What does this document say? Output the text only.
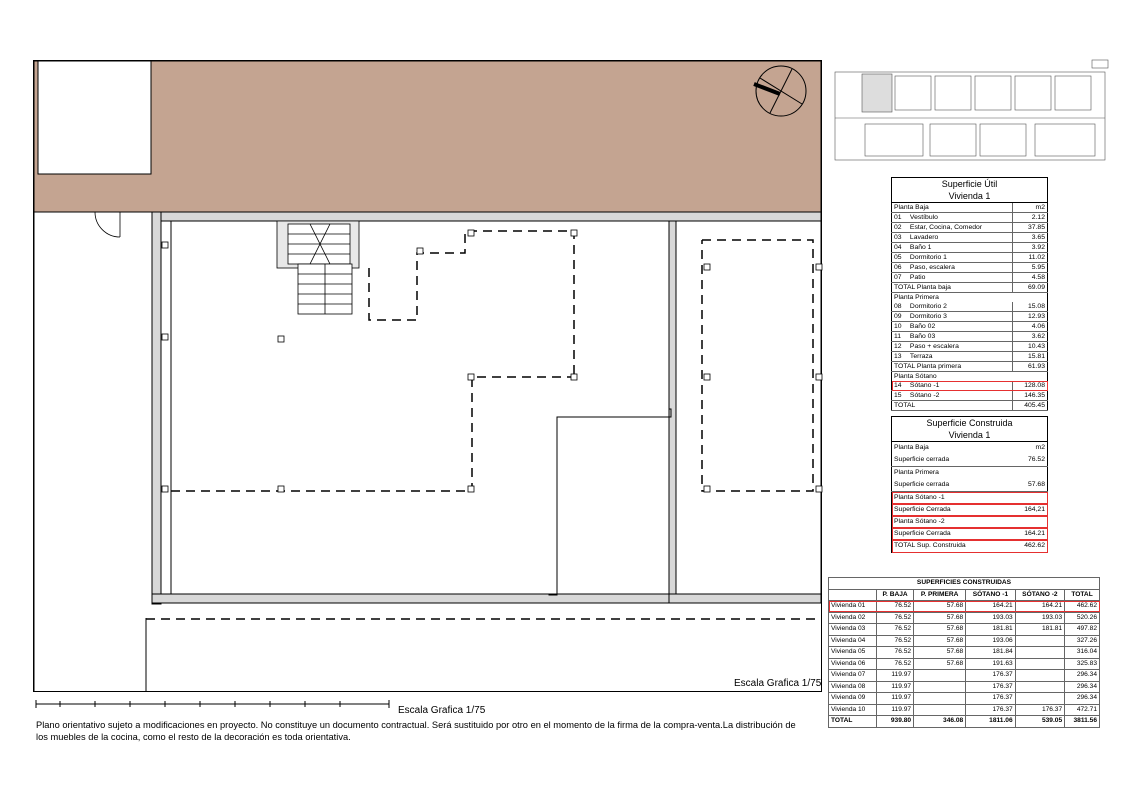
Escala Grafica 1/75
Escala Grafica 1/75
Plano orientativo sujeto a modificaciones en proyecto. No constituye un documento contractual. Será sustituido por otro en el momento de la firma de la compra-venta.La distribución de los muebles de la cocina, como el resto de la decoración es toda orientativa.
Superficie Útil		
Vivienda 1		
Planta Baja		m2
01	Vestíbulo	2.12
02	Estar, Cocina, Comedor	37.85
03	Lavadero	3.65
04	Baño 1	3.92
05	Dormitorio 1	11.02
06	Paso, escalera	5.95
07	Patio	4.58
TOTAL Planta baja		69.09
Planta Primera		
08	Dormitorio 2	15.08
09	Dormitorio 3	12.93
10	Baño 02	4.06
11	Baño 03	3.62
12	Paso + escalera	10.43
13	Terraza	15.81
TOTAL Planta primera		61.93
Planta Sótano		
14	Sótano -1	128.08
15	Sótano -2	146.35
TOTAL		405.45
Superficie Construida	
Vivienda 1	
Planta Baja	m2
Superficie cerrada	76.52
Planta Primera	
Superficie cerrada	57.68
Planta Sótano -1	
Superficie Cerrada	164,21
Planta Sótano -2	
Superficie Cerrada	164.21
TOTAL Sup. Construida	462.62
SUPERFICIES CONSTRUIDAS					
	P. BAJA	P. PRIMERA	SÓTANO -1	SÓTANO -2	TOTAL
Vivienda 01	76.52	57.68	164.21	164.21	462.62
Vivienda 02	76.52	57.68	193.03	193.03	520.26
Vivienda 03	76.52	57.68	181.81	181.81	497.82
Vivienda 04	76.52	57.68	193.06		327.26
Vivienda 05	76.52	57.68	181.84		316.04
Vivienda 06	76.52	57.68	191.63		325.83
Vivienda 07	119.97		176.37		296.34
Vivienda 08	119.97		176.37		296.34
Vivienda 09	119.97		176.37		296.34
Vivienda 10	119.97		176.37	176.37	472.71
TOTAL	939.80	346.08	1811.06	539.05	3811.56
